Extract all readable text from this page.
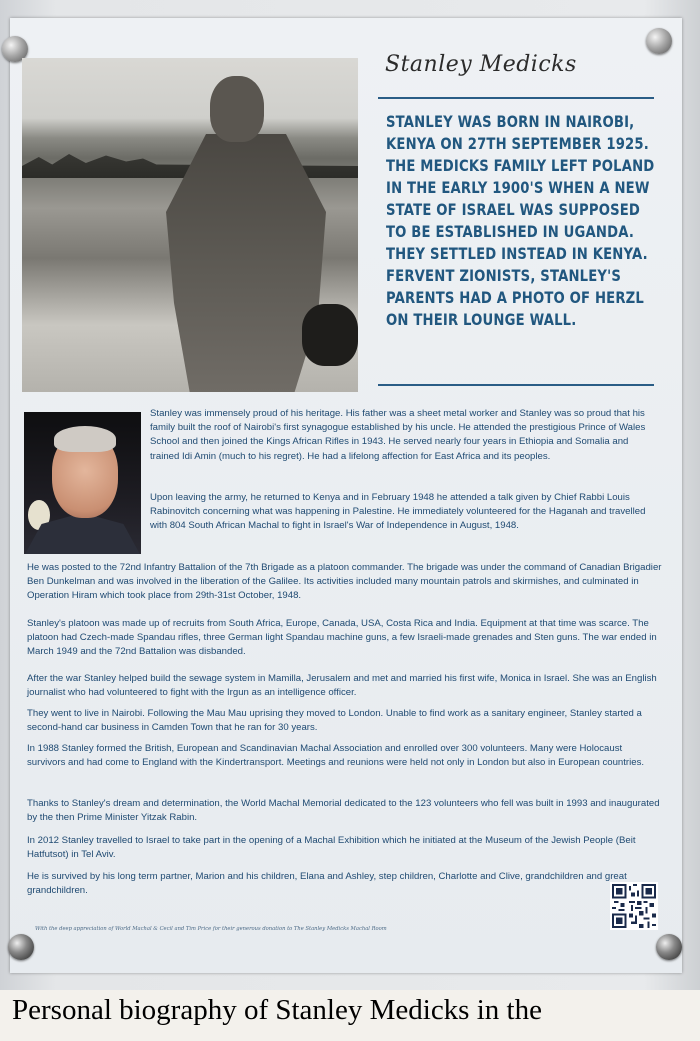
Stanley Medicks
STANLEY WAS BORN IN NAIROBI, KENYA ON 27TH SEPTEMBER 1925. THE MEDICKS FAMILY LEFT POLAND IN THE EARLY 1900'S WHEN A NEW STATE OF ISRAEL WAS SUPPOSED TO BE ESTABLISHED IN UGANDA. THEY SETTLED INSTEAD IN KENYA. FERVENT ZIONISTS, STANLEY'S PARENTS HAD A PHOTO OF HERZL ON THEIR LOUNGE WALL.

Stanley was immensely proud of his heritage. His father was a sheet metal worker and Stanley was so proud that his family built the roof of Nairobi's first synagogue established by his uncle. He attended the prestigious Prince of Wales School and then joined the Kings African Rifles in 1943. He served nearly four years in Ethiopia and Somalia and trained Idi Amin (much to his regret). He had a lifelong affection for East Africa and its peoples.

Upon leaving the army, he returned to Kenya and in February 1948 he attended a talk given by Chief Rabbi Louis Rabinovitch concerning what was happening in Palestine. He immediately volunteered for the Haganah and travelled with 804 South African Machal to fight in Israel's War of Independence in August, 1948.

He was posted to the 72nd Infantry Battalion of the 7th Brigade as a platoon commander. The brigade was under the command of Canadian Brigadier Ben Dunkelman and was involved in the liberation of the Galilee. Its activities included many mountain patrols and skirmishes, and culminated in Operation Hiram which took place from 29th-31st October, 1948.

Stanley's platoon was made up of recruits from South Africa, Europe, Canada, USA, Costa Rica and India. Equipment at that time was scarce. The platoon had Czech-made Spandau rifles, three German light Spandau machine guns, a few Israeli-made grenades and Sten guns. The war ended in March 1949 and the 72nd Battalion was disbanded.

After the war Stanley helped build the sewage system in Mamilla, Jerusalem and met and married his first wife, Monica in Israel. She was an English journalist who had volunteered to fight with the Irgun as an intelligence officer.

They went to live in Nairobi. Following the Mau Mau uprising they moved to London. Unable to find work as a sanitary engineer, Stanley started a second-hand car business in Camden Town that he ran for 30 years.

In 1988 Stanley formed the British, European and Scandinavian Machal Association and enrolled over 300 volunteers. Many were Holocaust survivors and had come to England with the Kindertransport. Meetings and reunions were held not only in London but also in European countries.

Thanks to Stanley's dream and determination, the World Machal Memorial dedicated to the 123 volunteers who fell was built in 1993 and inaugurated by the then Prime Minister Yitzak Rabin.

In 2012 Stanley travelled to Israel to take part in the opening of a Machal Exhibition which he initiated at the Museum of the Jewish People (Beit Hatfutsot) in Tel Aviv.

He is survived by his long term partner, Marion and his children, Elana and Ashley, step children, Charlotte and Clive, grandchildren and great grandchildren.

With the deep appreciation of World Machal & Cecil and Tim Price for their generous donation to The Stanley Medicks Machal Room
Personal biography of Stanley Medicks in the
